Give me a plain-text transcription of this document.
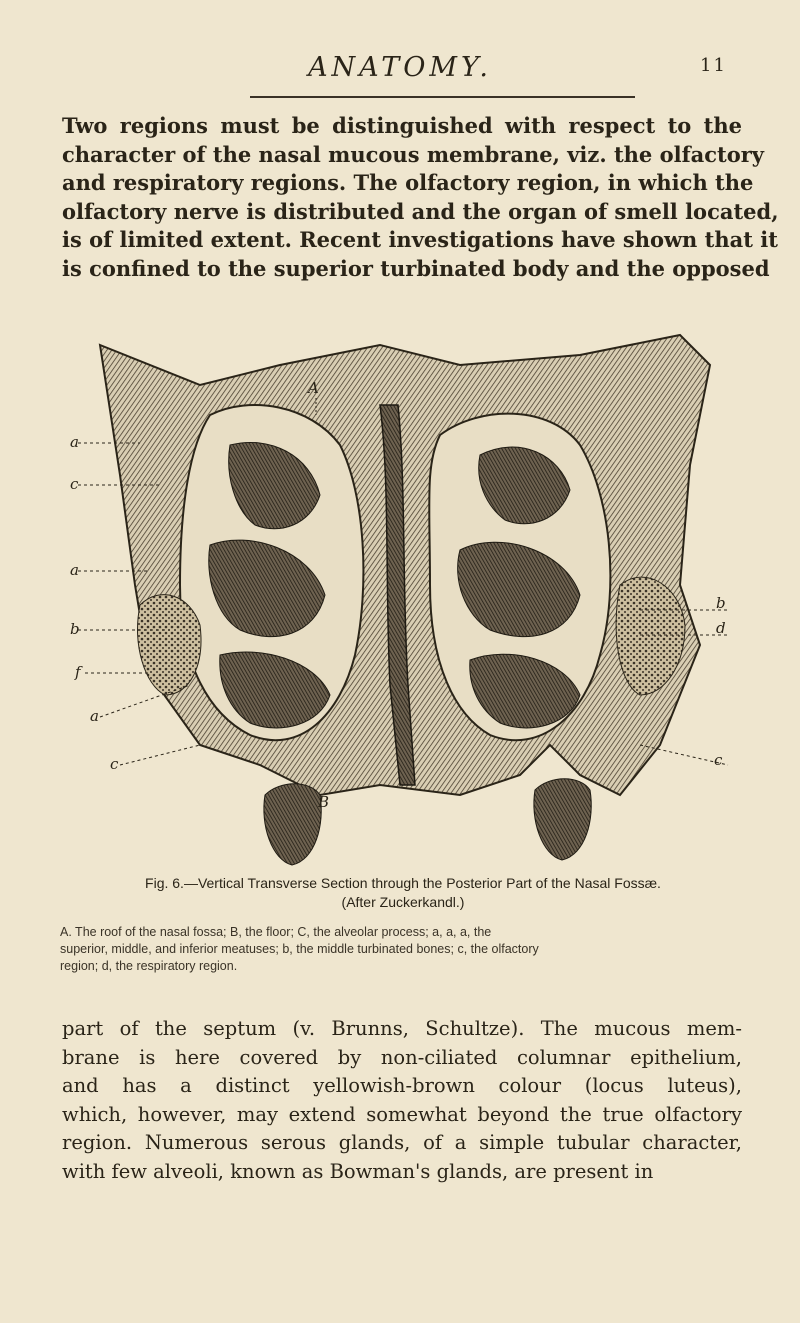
ANATOMY.	11

Two regions must be distinguished with respect to the
character of the nasal mucous membrane, viz. the olfactory
and respiratory regions. The olfactory region, in which the
olfactory nerve is distributed and the organ of smell located,
is of limited extent. Recent investigations have shown that it
is confined to the superior turbinated body and the opposed

A
B
a
c
a
b
f
a
c
b
d
c

Fig. 6.—Vertical Transverse Section through the Posterior Part of the Nasal Fossæ.

(After Zuckerkandl.)

A. The roof of the nasal fossa; B, the floor; C, the alveolar process; a, a, a, the
superior, middle, and inferior meatuses; b, the middle turbinated bones; c, the olfactory
region; d, the respiratory region.

part of the septum (v. Brunns, Schultze). The mucous mem-
brane is here covered by non-ciliated columnar epithelium,
and has a distinct yellowish-brown colour (locus luteus),
which, however, may extend somewhat beyond the true olfactory
region. Numerous serous glands, of a simple tubular character,
with few alveoli, known as Bowman's glands, are present in
